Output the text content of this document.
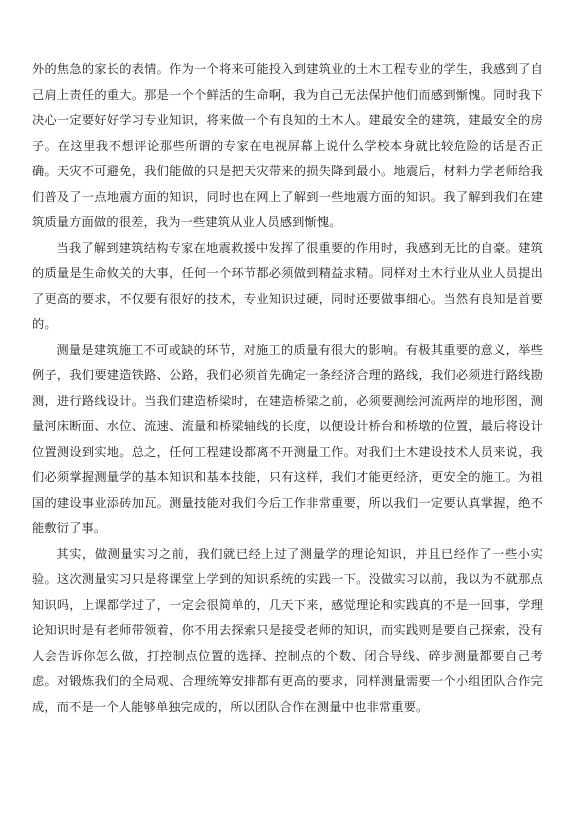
外的焦急的家长的表情。作为一个将来可能投入到建筑业的土木工程专业的学生，我感到了自己肩上责任的重大。那是一个个鲜活的生命啊，我为自己无法保护他们而感到惭愧。同时我下决心一定要好好学习专业知识，将来做一个有良知的土木人。建最安全的建筑，建最安全的房子。在这里我不想评论那些所谓的专家在电视屏幕上说什么学校本身就比较危险的话是否正确。天灾不可避免，我们能做的只是把天灾带来的损失降到最小。地震后，材料力学老师给我们普及了一点地震方面的知识，同时也在网上了解到一些地震方面的知识。我了解到我们在建筑质量方面做的很差，我为一些建筑从业人员感到惭愧。

当我了解到建筑结构专家在地震救援中发挥了很重要的作用时，我感到无比的自豪。建筑的质量是生命攸关的大事，任何一个环节都必须做到精益求精。同样对土木行业从业人员提出了更高的要求，不仅要有很好的技术，专业知识过硬，同时还要做事细心。当然有良知是首要的。

测量是建筑施工不可或缺的环节，对施工的质量有很大的影响。有极其重要的意义，举些例子，我们要建造铁路、公路，我们必须首先确定一条经济合理的路线，我们必须进行路线勘测，进行路线设计。当我们建造桥梁时，在建造桥梁之前，必须要测绘河流两岸的地形图，测量河床断面、水位、流速、流量和桥梁轴线的长度，以便设计桥台和桥墩的位置，最后将设计位置测设到实地。总之，任何工程建设都离不开测量工作。对我们土木建设技术人员来说，我们必须掌握测量学的基本知识和基本技能，只有这样，我们才能更经济，更安全的施工。为祖国的建设事业添砖加瓦。测量技能对我们今后工作非常重要，所以我们一定要认真掌握，绝不能敷衍了事。

其实，做测量实习之前，我们就已经上过了测量学的理论知识，并且已经作了一些小实验。这次测量实习只是将课堂上学到的知识系统的实践一下。没做实习以前，我以为不就那点知识吗，上课都学过了，一定会很简单的，几天下来，感觉理论和实践真的不是一回事，学理论知识时是有老师带领着，你不用去探索只是接受老师的知识，而实践则是要自己探索，没有人会告诉你怎么做，打控制点位置的选择、控制点的个数、闭合导线、碎步测量都要自己考虑。对锻炼我们的全局观、合理统筹安排都有更高的要求，同样测量需要一个小组团队合作完成，而不是一个人能够单独完成的，所以团队合作在测量中也非常重要。
